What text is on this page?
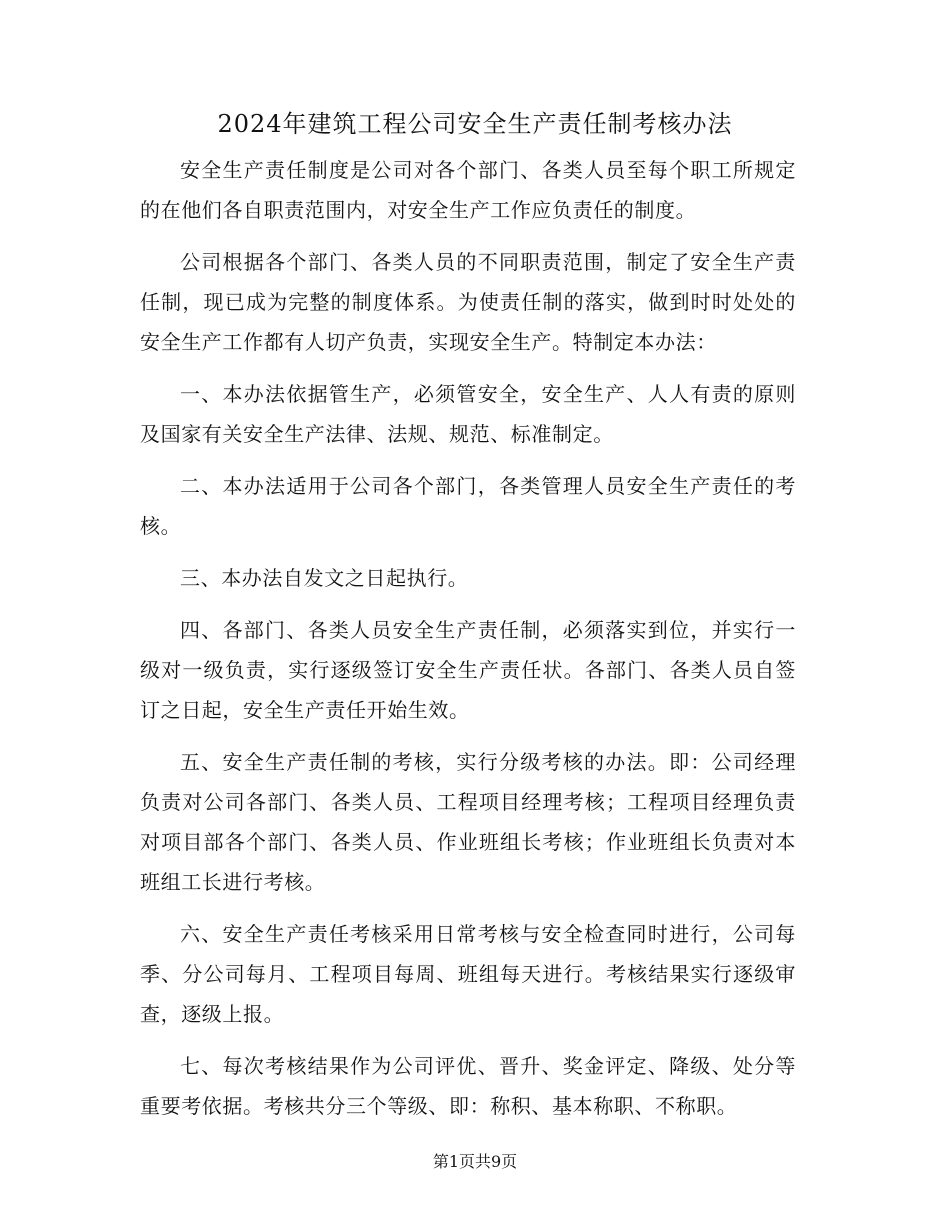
2024年建筑工程公司安全生产责任制考核办法

安全生产责任制度是公司对各个部门、各类人员至每个职工所规定的在他们各自职责范围内，对安全生产工作应负责任的制度。

公司根据各个部门、各类人员的不同职责范围，制定了安全生产责任制，现已成为完整的制度体系。为使责任制的落实，做到时时处处的安全生产工作都有人切产负责，实现安全生产。特制定本办法：

一、本办法依据管生产，必须管安全，安全生产、人人有责的原则及国家有关安全生产法律、法规、规范、标准制定。

二、本办法适用于公司各个部门，各类管理人员安全生产责任的考核。

三、本办法自发文之日起执行。

四、各部门、各类人员安全生产责任制，必须落实到位，并实行一级对一级负责，实行逐级签订安全生产责任状。各部门、各类人员自签订之日起，安全生产责任开始生效。

五、安全生产责任制的考核，实行分级考核的办法。即：公司经理负责对公司各部门、各类人员、工程项目经理考核；工程项目经理负责对项目部各个部门、各类人员、作业班组长考核；作业班组长负责对本班组工长进行考核。

六、安全生产责任考核采用日常考核与安全检查同时进行，公司每季、分公司每月、工程项目每周、班组每天进行。考核结果实行逐级审查，逐级上报。

七、每次考核结果作为公司评优、晋升、奖金评定、降级、处分等重要考依据。考核共分三个等级、即：称积、基本称职、不称职。

第1页共9页
